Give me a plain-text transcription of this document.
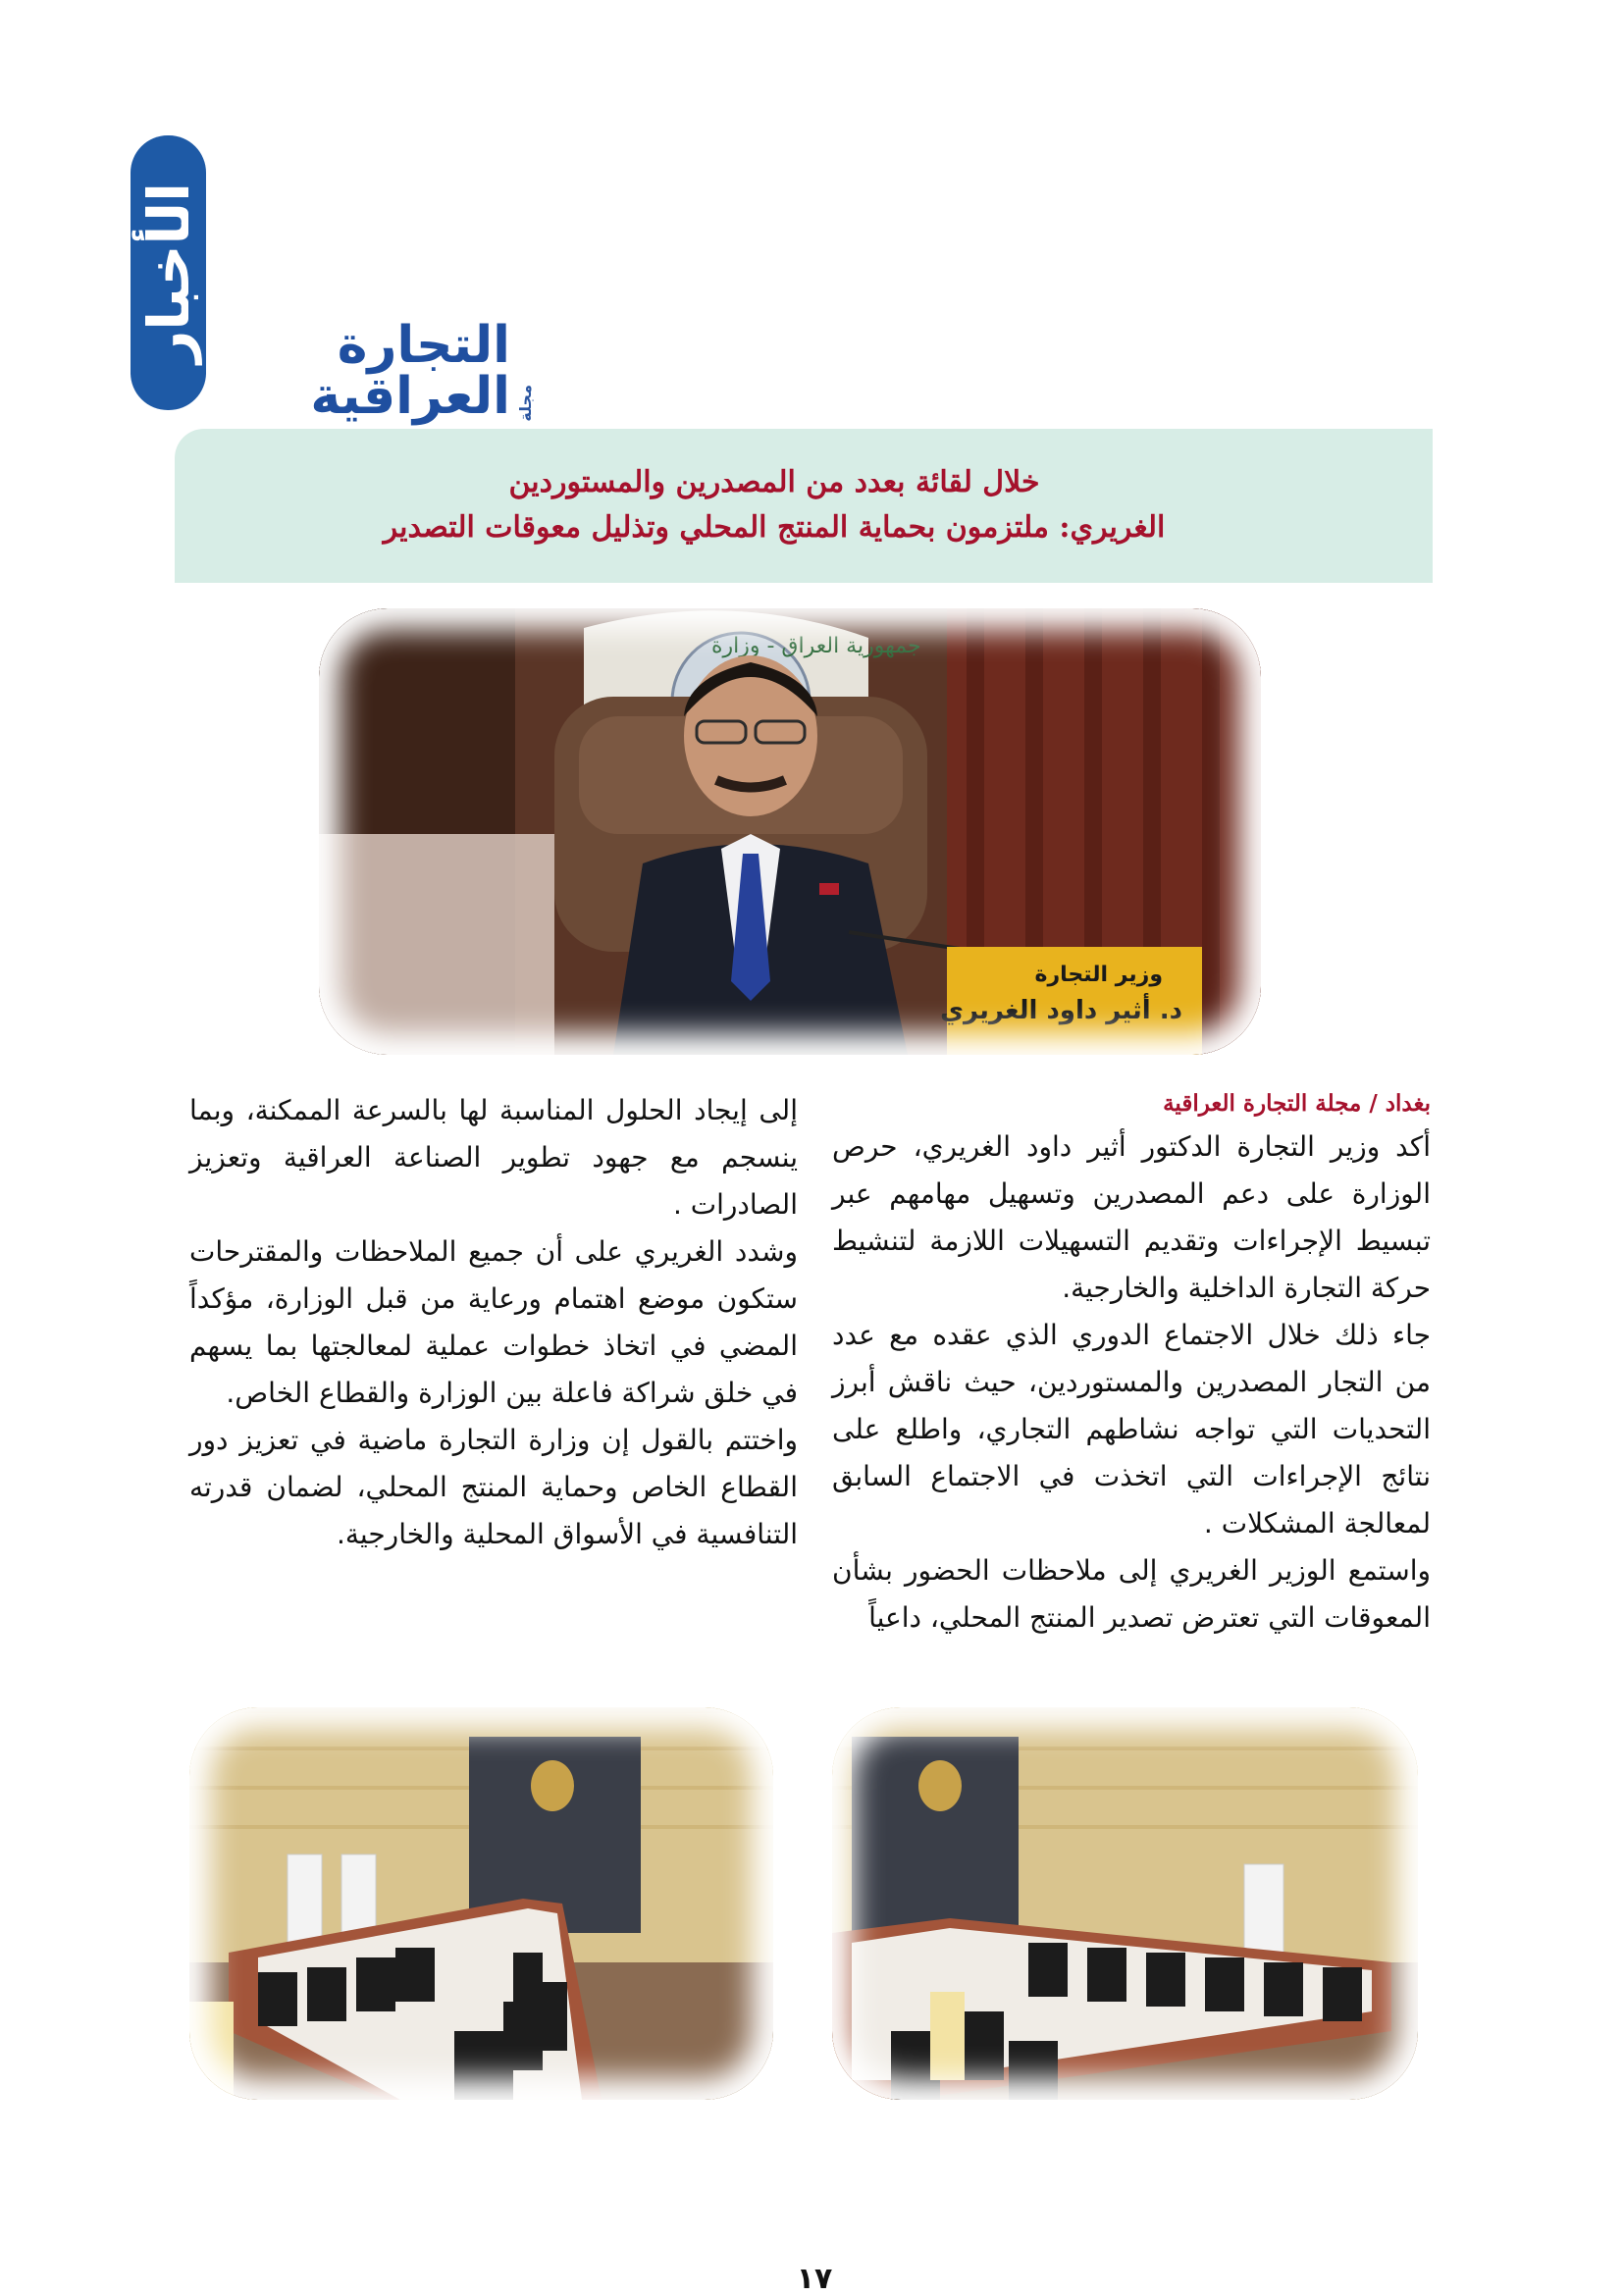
الأخبار
مجلة
التجارة العراقية
خلال لقائة بعدد من المصدرين والمستوردين
الغريري: ملتزمون بحماية المنتج المحلي وتذليل معوقات التصدير
جمهورية العراق - وزارة
وزير التجارة
د. أثير داود الغريري
بغداد / مجلة التجارة العراقية

أكد وزير التجارة الدكتور أثير داود الغريري، حرص الوزارة على دعم المصدرين وتسهيل مهامهم عبر تبسيط الإجراءات وتقديم التسهيلات اللازمة لتنشيط حركة التجارة الداخلية والخارجية.

جاء ذلك خلال الاجتماع الدوري الذي عقده مع عدد من التجار المصدرين والمستوردين، حيث ناقش أبرز التحديات التي تواجه نشاطهم التجاري، واطلع على نتائج الإجراءات التي اتخذت في الاجتماع السابق لمعالجة المشكلات .

واستمع الوزير الغريري إلى ملاحظات الحضور بشأن المعوقات التي تعترض تصدير المنتج المحلي، داعياً

إلى إيجاد الحلول المناسبة لها بالسرعة الممكنة، وبما ينسجم مع جهود تطوير الصناعة العراقية وتعزيز الصادرات .

وشدد الغريري على أن جميع الملاحظات والمقترحات ستكون موضع اهتمام ورعاية من قبل الوزارة، مؤكداً المضي في اتخاذ خطوات عملية لمعالجتها بما يسهم في خلق شراكة فاعلة بين الوزارة والقطاع الخاص.

واختتم بالقول إن وزارة التجارة ماضية في تعزيز دور القطاع الخاص وحماية المنتج المحلي، لضمان قدرته التنافسية في الأسواق المحلية والخارجية.

١٧
